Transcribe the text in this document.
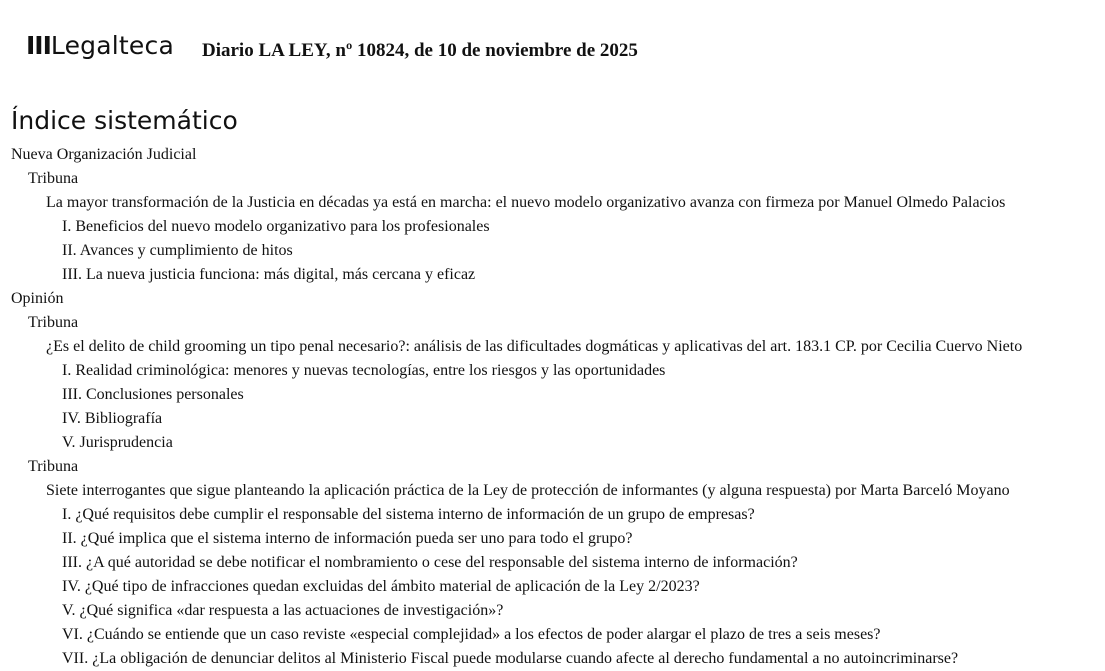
IIILegalteca Diario LA LEY, nº 10824, de 10 de noviembre de 2025
Índice sistemático
Nueva Organización Judicial
Tribuna
La mayor transformación de la Justicia en décadas ya está en marcha: el nuevo modelo organizativo avanza con firmeza por Manuel Olmedo Palacios
I. Beneficios del nuevo modelo organizativo para los profesionales
II. Avances y cumplimiento de hitos
III. La nueva justicia funciona: más digital, más cercana y eficaz
Opinión
Tribuna
¿Es el delito de child grooming un tipo penal necesario?: análisis de las dificultades dogmáticas y aplicativas del art. 183.1 CP. por Cecilia Cuervo Nieto
I. Realidad criminológica: menores y nuevas tecnologías, entre los riesgos y las oportunidades
III. Conclusiones personales
IV. Bibliografía
V. Jurisprudencia
Tribuna
Siete interrogantes que sigue planteando la aplicación práctica de la Ley de protección de informantes (y alguna respuesta) por Marta Barceló Moyano
I. ¿Qué requisitos debe cumplir el responsable del sistema interno de información de un grupo de empresas?
II. ¿Qué implica que el sistema interno de información pueda ser uno para todo el grupo?
III. ¿A qué autoridad se debe notificar el nombramiento o cese del responsable del sistema interno de información?
IV. ¿Qué tipo de infracciones quedan excluidas del ámbito material de aplicación de la Ley 2/2023?
V. ¿Qué significa «dar respuesta a las actuaciones de investigación»?
VI. ¿Cuándo se entiende que un caso reviste «especial complejidad» a los efectos de poder alargar el plazo de tres a seis meses?
VII. ¿La obligación de denunciar delitos al Ministerio Fiscal puede modularse cuando afecte al derecho fundamental a no autoincriminarse?
